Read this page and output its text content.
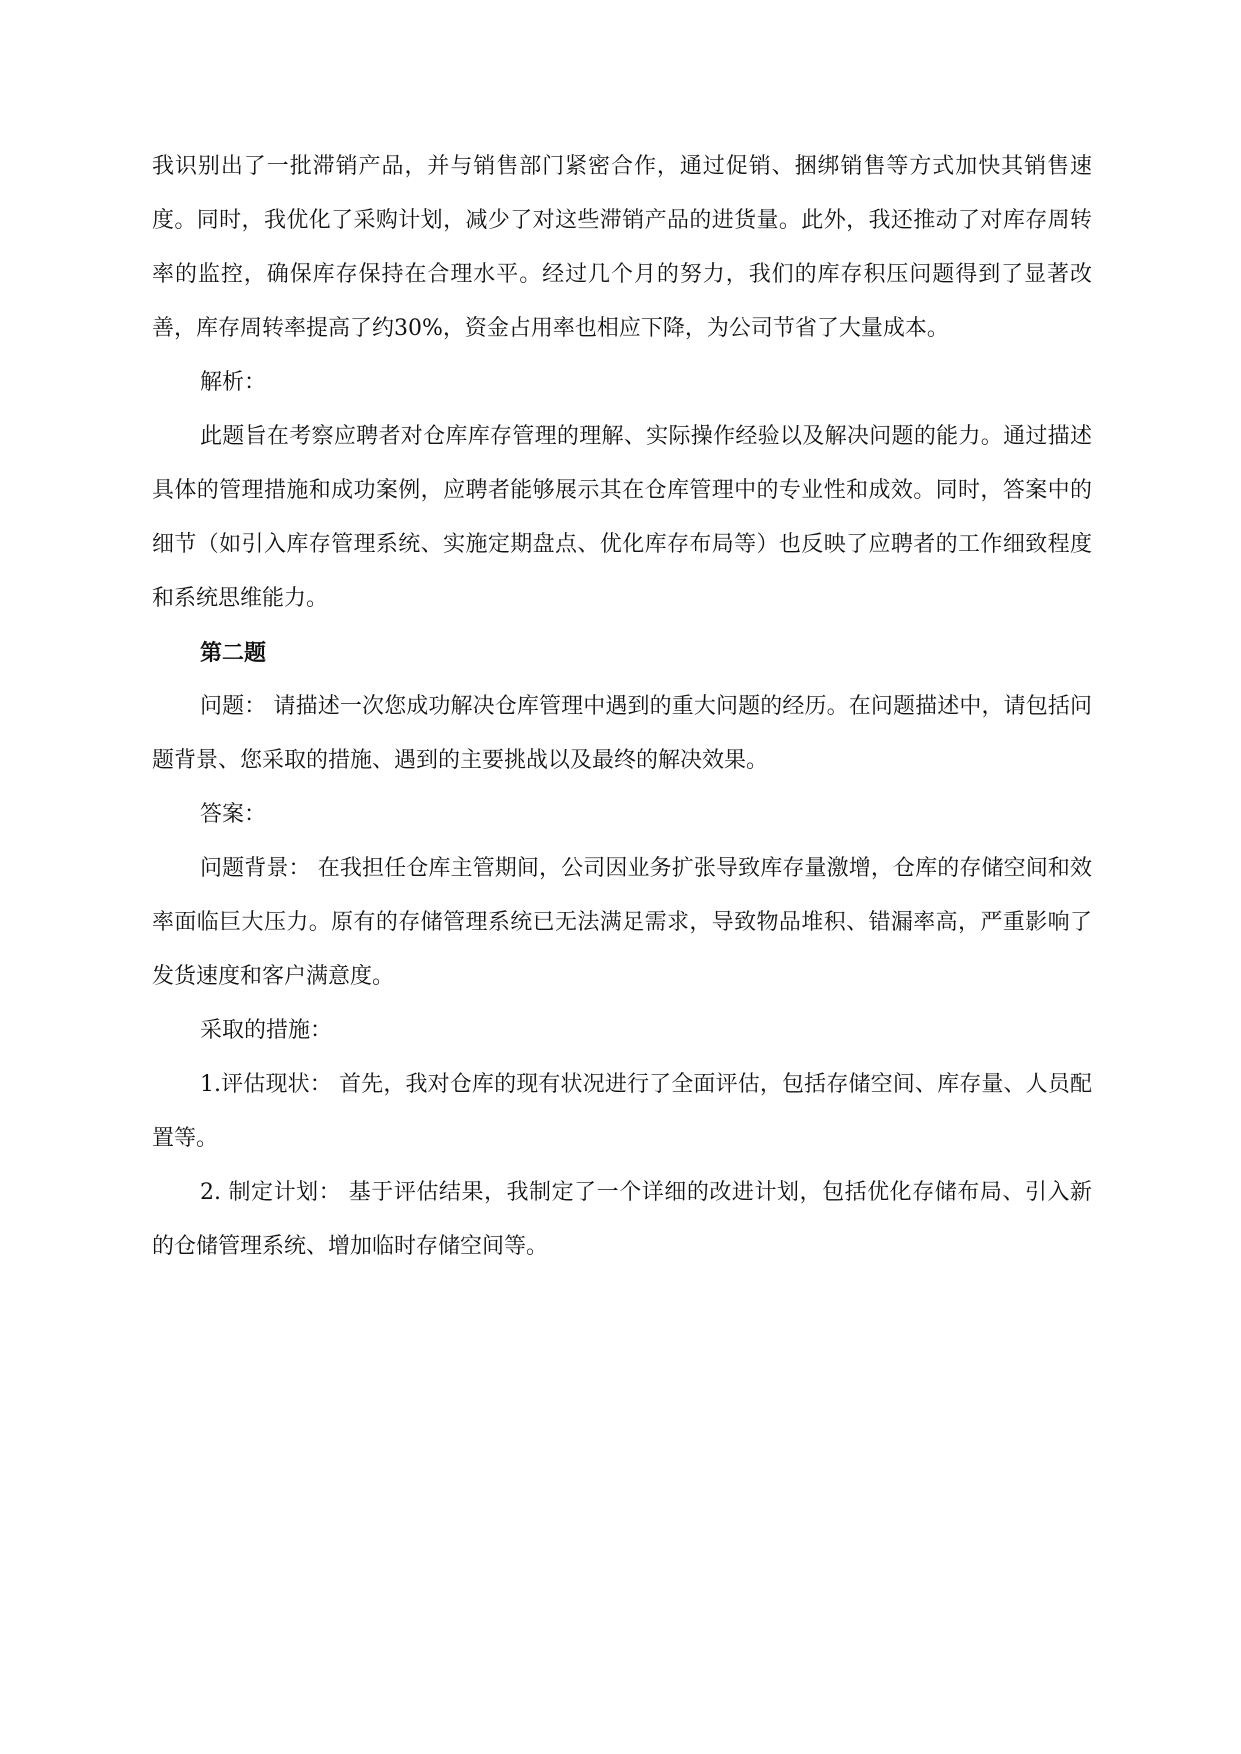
我识别出了一批滞销产品，并与销售部门紧密合作，通过促销、捆绑销售等方式加快其销售速度。同时，我优化了采购计划，减少了对这些滞销产品的进货量。此外，我还推动了对库存周转率的监控，确保库存保持在合理水平。经过几个月的努力，我们的库存积压问题得到了显著改善，库存周转率提高了约30%，资金占用率也相应下降，为公司节省了大量成本。

解析：

此题旨在考察应聘者对仓库库存管理的理解、实际操作经验以及解决问题的能力。通过描述具体的管理措施和成功案例，应聘者能够展示其在仓库管理中的专业性和成效。同时，答案中的细节（如引入库存管理系统、实施定期盘点、优化库存布局等）也反映了应聘者的工作细致程度和系统思维能力。

第二题

问题： 请描述一次您成功解决仓库管理中遇到的重大问题的经历。在问题描述中，请包括问题背景、您采取的措施、遇到的主要挑战以及最终的解决效果。

答案：

问题背景： 在我担任仓库主管期间，公司因业务扩张导致库存量激增，仓库的存储空间和效率面临巨大压力。原有的存储管理系统已无法满足需求，导致物品堆积、错漏率高，严重影响了发货速度和客户满意度。

采取的措施：

1.评估现状： 首先，我对仓库的现有状况进行了全面评估，包括存储空间、库存量、人员配置等。

2. 制定计划： 基于评估结果，我制定了一个详细的改进计划，包括优化存储布局、引入新的仓储管理系统、增加临时存储空间等。
